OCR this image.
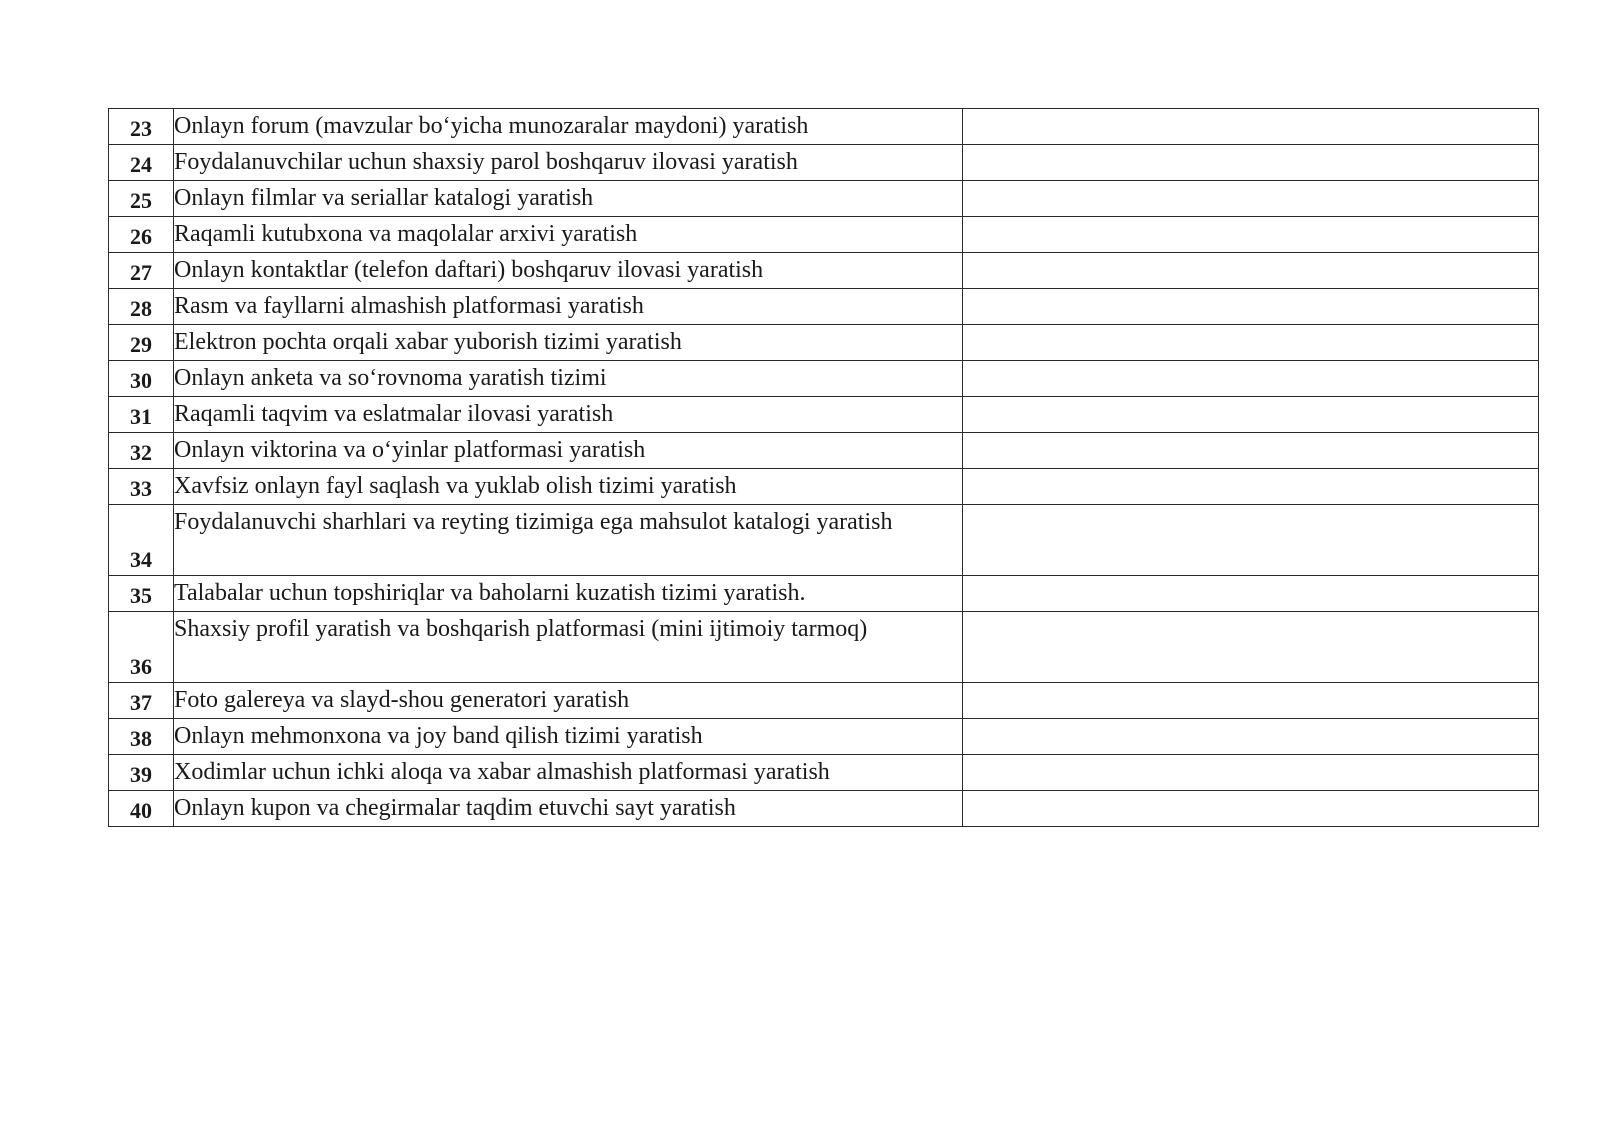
23	Onlayn forum (mavzular bo‘yicha munozaralar maydoni) yaratish	
24	Foydalanuvchilar uchun shaxsiy parol boshqaruv ilovasi yaratish	
25	Onlayn filmlar va seriallar katalogi yaratish	
26	Raqamli kutubxona va maqolalar arxivi yaratish	
27	Onlayn kontaktlar (telefon daftari) boshqaruv ilovasi yaratish	
28	Rasm va fayllarni almashish platformasi yaratish	
29	Elektron pochta orqali xabar yuborish tizimi yaratish	
30	Onlayn anketa va so‘rovnoma yaratish tizimi	
31	Raqamli taqvim va eslatmalar ilovasi yaratish	
32	Onlayn viktorina va o‘yinlar platformasi yaratish	
33	Xavfsiz onlayn fayl saqlash va yuklab olish tizimi yaratish	
34	Foydalanuvchi sharhlari va reyting tizimiga ega mahsulot katalogi yaratish	
35	Talabalar uchun topshiriqlar va baholarni kuzatish tizimi yaratish.	
36	Shaxsiy profil yaratish va boshqarish platformasi (mini ijtimoiy tarmoq)	
37	Foto galereya va slayd-shou generatori yaratish	
38	Onlayn mehmonxona va joy band qilish tizimi yaratish	
39	Xodimlar uchun ichki aloqa va xabar almashish platformasi yaratish	
40	Onlayn kupon va chegirmalar taqdim etuvchi sayt yaratish	
